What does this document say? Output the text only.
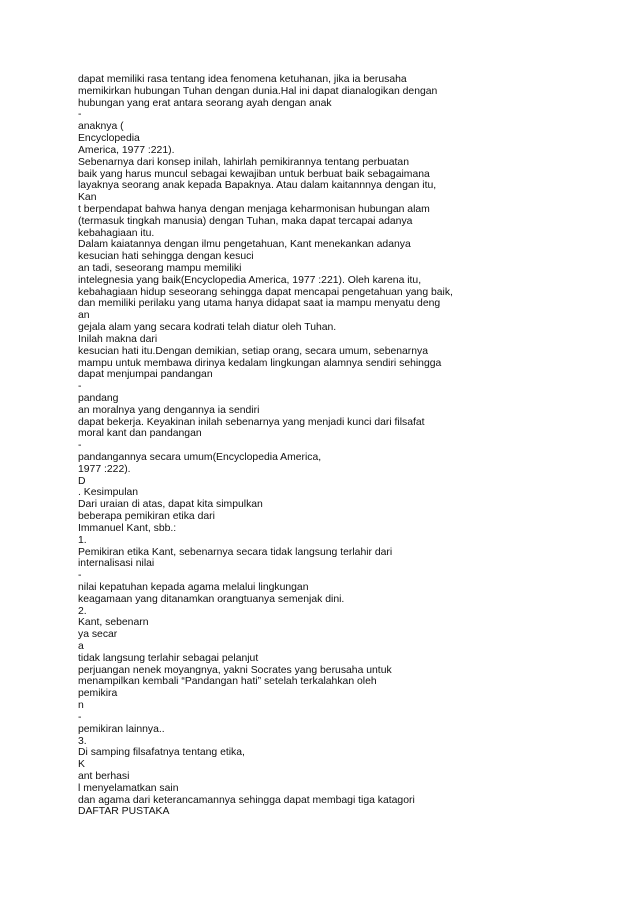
dapat memiliki rasa tentang idea fenomena ketuhanan, jika ia berusaha
memikirkan hubungan Tuhan dengan dunia.Hal ini dapat dianalogikan dengan
hubungan yang erat antara seorang ayah dengan anak
-
anaknya (
Encyclopedia
America, 1977 :221).
Sebenarnya dari konsep inilah, lahirlah pemikirannya tentang perbuatan
baik yang harus muncul sebagai kewajiban untuk berbuat baik sebagaimana
layaknya seorang anak kepada Bapaknya. Atau dalam kaitannnya dengan itu,
Kan
t berpendapat bahwa hanya dengan menjaga keharmonisan hubungan alam
(termasuk tingkah manusia) dengan Tuhan, maka dapat tercapai adanya
kebahagiaan itu.
Dalam kaiatannya dengan ilmu pengetahuan, Kant menekankan adanya
kesucian hati sehingga dengan kesuci
an tadi, seseorang mampu memiliki
intelegnesia yang baik(Encyclopedia America, 1977 :221). Oleh karena itu,
kebahagiaan hidup seseorang sehingga dapat mencapai pengetahuan yang baik,
dan memiliki perilaku yang utama hanya didapat saat ia mampu menyatu deng
an
gejala alam yang secara kodrati telah diatur oleh Tuhan.
Inilah makna dari
kesucian hati itu.Dengan demikian, setiap orang, secara umum, sebenarnya
mampu untuk membawa dirinya kedalam lingkungan alamnya sendiri sehingga
dapat menjumpai pandangan
-
pandang
an moralnya yang dengannya ia sendiri
dapat bekerja. Keyakinan inilah sebenarnya yang menjadi kunci dari filsafat
moral kant dan pandangan
-
pandangannya secara umum(Encyclopedia America,
1977 :222).
D
. Kesimpulan
Dari uraian di atas, dapat kita simpulkan
beberapa pemikiran etika dari
Immanuel Kant, sbb.:
1.
Pemikiran etika Kant, sebenarnya secara tidak langsung terlahir dari
internalisasi nilai
-
nilai kepatuhan kepada agama melalui lingkungan
keagamaan yang ditanamkan orangtuanya semenjak dini.
2.
Kant, sebenarn
ya secar
a
tidak langsung terlahir sebagai pelanjut
perjuangan nenek moyangnya, yakni Socrates yang berusaha untuk
menampilkan kembali “Pandangan hati” setelah terkalahkan oleh
pemikira
n
-
pemikiran lainnya..
3.
Di samping filsafatnya tentang etika,
K
ant berhasi
l menyelamatkan sain
dan agama dari keterancamannya sehingga dapat membagi tiga katagori
DAFTAR PUSTAKA
